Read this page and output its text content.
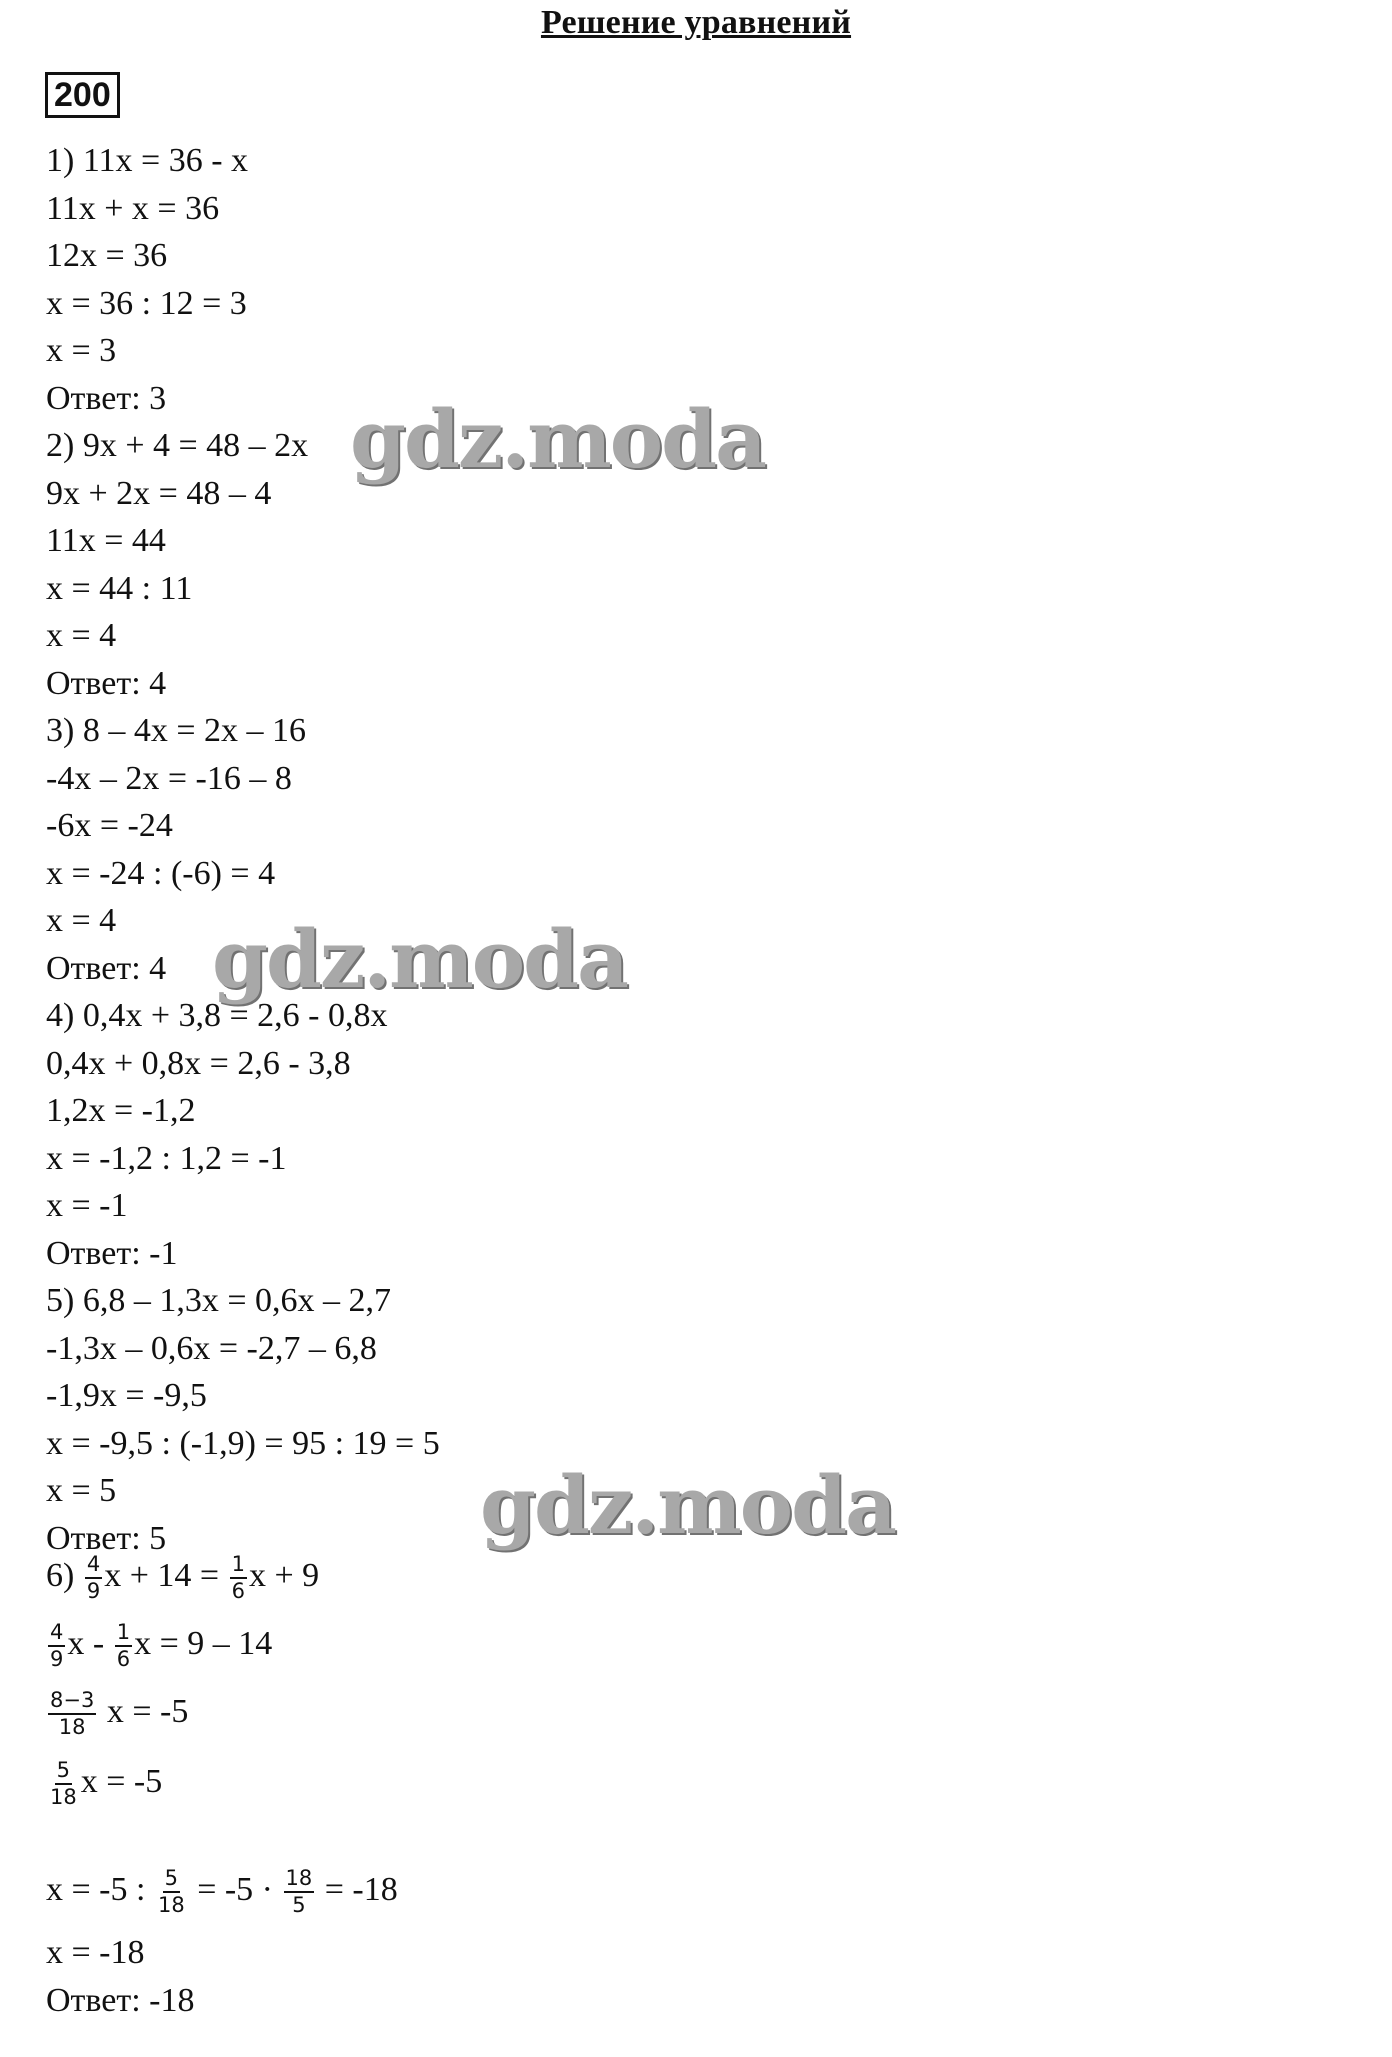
Решение уравнений
200
1) 11x = 36 - x
11x + x = 36
12x = 36
x = 36 : 12 = 3
x = 3
Ответ: 3
2) 9x + 4 = 48 – 2x
9x + 2x = 48 – 4
11x = 44
x = 44 : 11
x = 4
Ответ: 4
3) 8 – 4x = 2x – 16
-4x – 2x = -16 – 8
-6x = -24
x = -24 : (-6) = 4
x = 4
Ответ: 4
4) 0,4x + 3,8 = 2,6 - 0,8x
0,4x + 0,8x = 2,6 - 3,8
1,2x = -1,2
x = -1,2 : 1,2 = -1
x = -1
Ответ: -1
5) 6,8 – 1,3x = 0,6x – 2,7
-1,3x – 0,6x = -2,7 – 6,8
-1,9x = -9,5
x = -9,5 : (-1,9) = 95 : 19 = 5
x = 5
Ответ: 5
$6) \frac{4}{9}$ $x + 14 = \frac{1}{6}$ x + 9
$\frac{4}{9}$ x - $\frac{1}{6}$ x = 9 – 14
$\frac{8-3}{18}$ x = -5
$\frac{5}{18}$ x = -5
x = -5 : $\frac{5}{18} = -5 \cdot \frac{18}{5} = -18$
x = -18
Ответ: -18
gdz.moda
gdz.moda
gdz.moda
